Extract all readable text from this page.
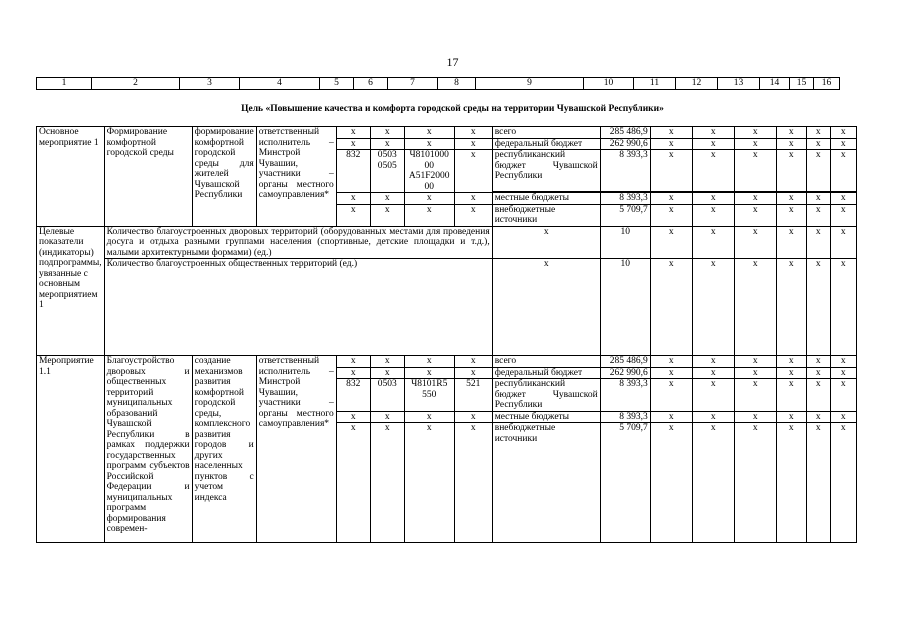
17
1	2	3	4	5	6	7	8	9	10	11	12	13	14	15	16
Цель «Повышение качества и комфорта городской среды на территории Чувашской Республики»
Основное мероприятие 1	Формирование комфортной городской среды	формирование комфортной городской среды для жителей Чувашской Республики	ответственный исполнитель – Минстрой Чувашии, участники – органы местного самоуправления*	x	x	x	x	всего	285 486,9	x	x	x	x	x	x
				x	x	x	x	федеральный бюджет	262 990,6	x	x	x	x	x	x
				832	0503 0505	Ч8101000 00 А51F2000 00	х	республиканский бюджет Чувашской Республики	8 393,3	x	x	x	x	x	x

				x	x	x	x	местные бюджеты	8 393,3	x	x	x	x	x	x
				x	x	x	x	внебюджетные источники	5 709,7	x	x	x	x	x	x
Целевые показатели (индикаторы) подпрограммы, увязанные с основным мероприятием 1	Количество благоустроенных дворовых территорий (оборудованных местами для проведения досуга и отдыха разными группами населения (спортивные, детские площадки и т.д.), малыми архитектурными формами) (ед.)							x	10	x	x	x	x	x	x
	Количество благоустроенных общественных территорий (ед.)							x	10	x	x	x	x	x	x
Мероприятие 1.1	Благоустройство дворовых и общественных территорий муниципальных образований Чувашской Республики в рамках поддержки государственных программ субъектов Российской Федерации и муниципальных программ формирования современ-	создание механизмов развития комфортной городской среды, комплексного развития городов и других населенных пунктов с учетом индекса	ответственный исполнитель – Минстрой Чувашии, участники – органы местного самоуправления*	x	x	x	x	всего	285 486,9	x	x	x	x	x	x
				x	x	x	x	федеральный бюджет	262 990,6	x	x	x	x	x	x
				832	0503	Ч8101R5 550	521	республиканский бюджет Чувашской Республики	8 393,3	x	x	x	x	x	x
				x	x	x	x	местные бюджеты	8 393,3	x	x	x	x	x	x
				x	x	x	x	внебюджетные источники	5 709,7	x	x	x	x	x	x
